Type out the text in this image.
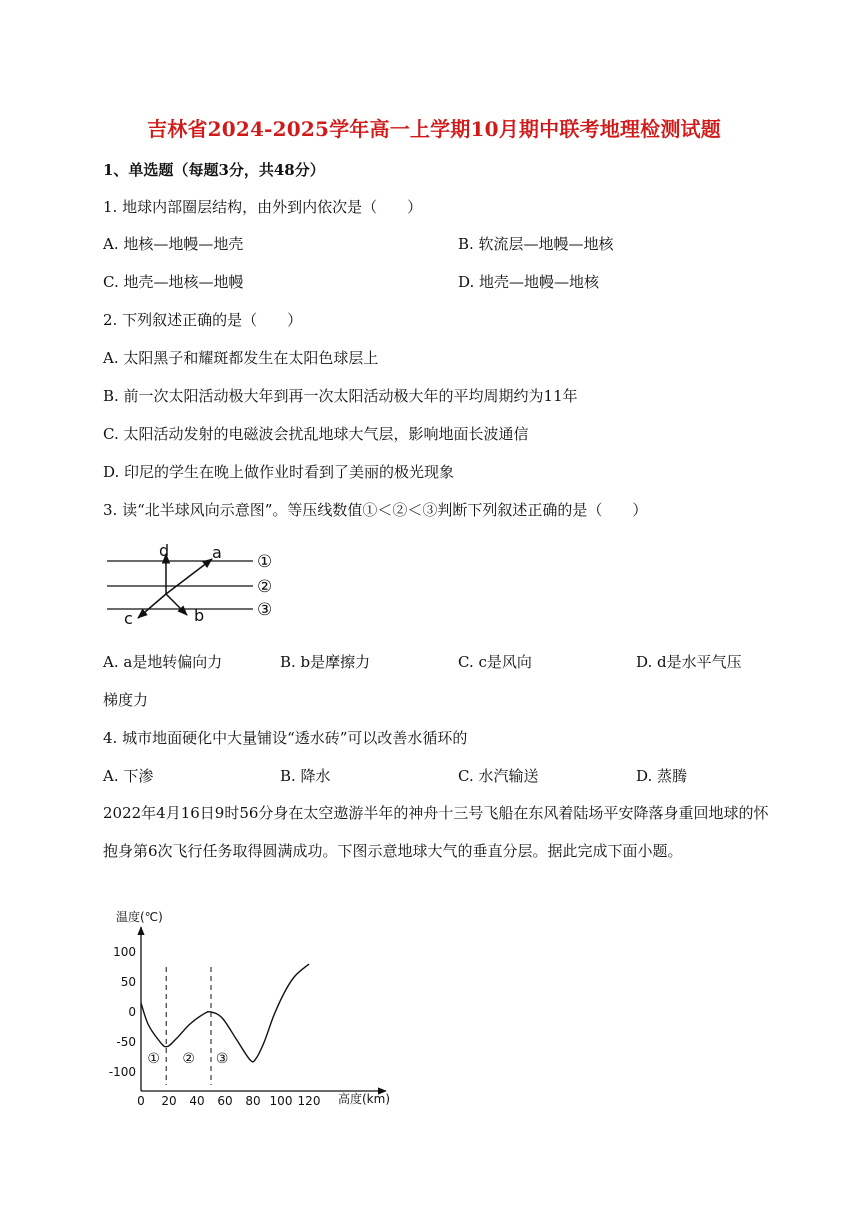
吉林省2024-2025学年高一上学期10月期中联考地理检测试题
1、单选题（每题3分，共48分）
1. 地球内部圈层结构，由外到内依次是（　　）
A. 地核—地幔—地壳	B. 软流层—地幔—地核
C. 地壳—地核—地幔	D. 地壳—地幔—地核
2. 下列叙述正确的是（　　）
A. 太阳黑子和耀斑都发生在太阳色球层上
B. 前一次太阳活动极大年到再一次太阳活动极大年的平均周期约为11年
C. 太阳活动发射的电磁波会扰乱地球大气层，影响地面长波通信
D. 印尼的学生在晚上做作业时看到了美丽的极光现象
3. 读“北半球风向示意图”。等压线数值①＜②＜③判断下列叙述正确的是（　　）
d	a
c	b
①
②
③
A. a是地转偏向力	B. b是摩擦力	C. c是风向	D. d是水平气压
梯度力
4. 城市地面硬化中大量铺设“透水砖”可以改善水循环的
A. 下渗	B. 降水	C. 水汽输送	D. 蒸腾
2022年4月16日9时56分身在太空遨游半年的神舟十三号飞船在东风着陆场平安降落身重回地球的怀抱身第6次飞行任务取得圆满成功。下图示意地球大气的垂直分层。据此完成下面小题。
温度(℃)
高度(km)
100
50
0
-50
-100
0 20 40 60 80 100 120
① ② ③
